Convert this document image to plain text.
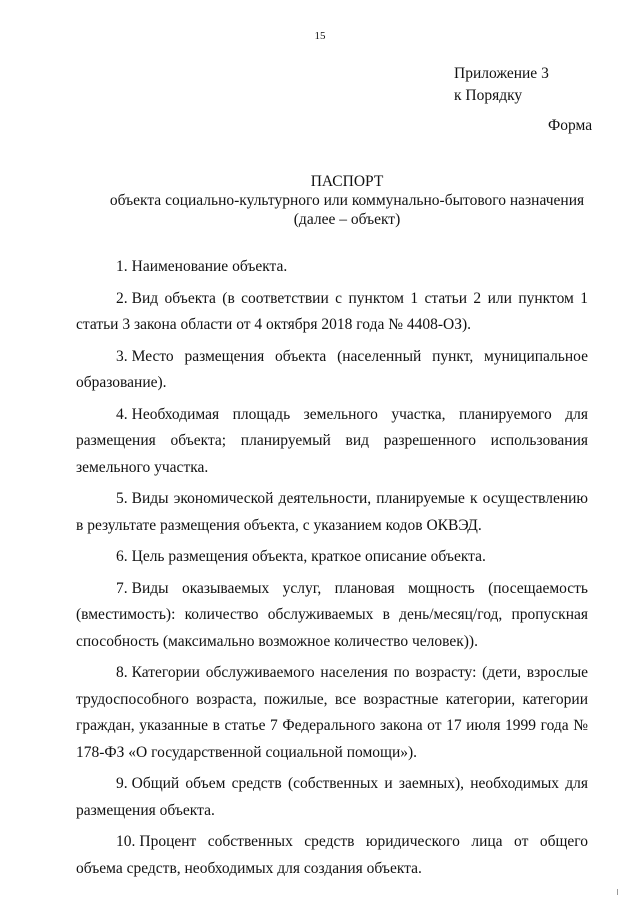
15
Приложение 3
к Порядку
Форма
ПАСПОРТ
объекта социально-культурного или коммунально-бытового назначения
(далее – объект)

1. Наименование объекта.

2. Вид объекта (в соответствии с пунктом 1 статьи 2 или пунктом 1 статьи 3 закона области от 4 октября 2018 года № 4408-ОЗ).

3. Место размещения объекта (населенный пункт, муниципальное образование).

4. Необходимая площадь земельного участка, планируемого для размещения объекта; планируемый вид разрешенного использования земельного участка.

5. Виды экономической деятельности, планируемые к осуществлению в результате размещения объекта, с указанием кодов ОКВЭД.

6. Цель размещения объекта, краткое описание объекта.

7. Виды оказываемых услуг, плановая мощность (посещаемость (вместимость): количество обслуживаемых в день/месяц/год, пропускная способность (максимально возможное количество человек)).

8. Категории обслуживаемого населения по возрасту: (дети, взрослые трудоспособного возраста, пожилые, все возрастные категории, категории граждан, указанные в статье 7 Федерального закона от 17 июля 1999 года № 178-ФЗ «О государственной социальной помощи»).

9. Общий объем средств (собственных и заемных), необходимых для размещения объекта.

10. Процент собственных средств юридического лица от общего объема средств, необходимых для создания объекта.
